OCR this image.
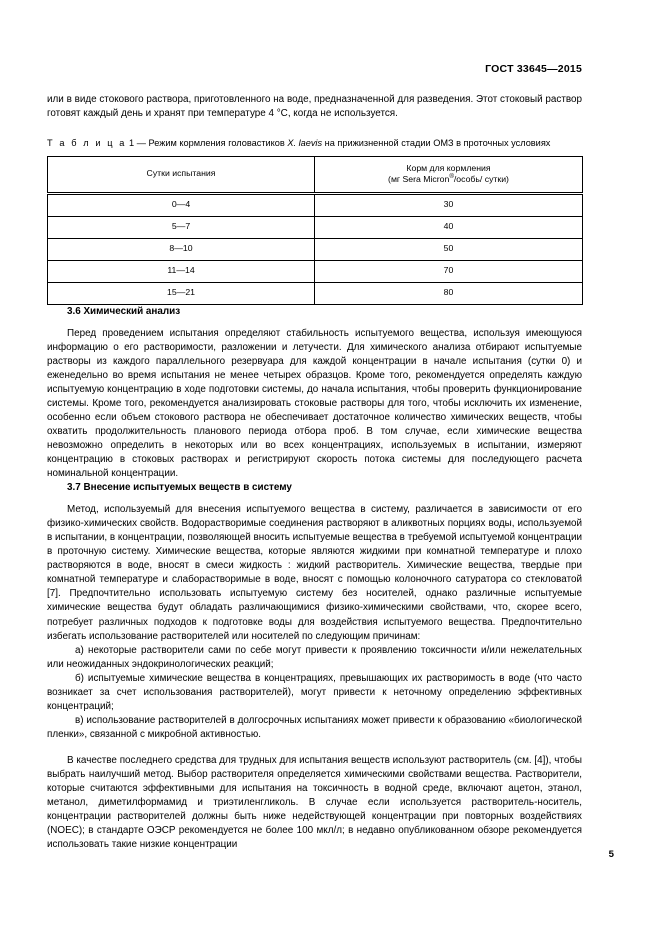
ГОСТ 33645—2015

или в виде стокового раствора, приготовленного на воде, предназначенной для разведения. Этот стоковый раствор готовят каждый день и хранят при температуре 4 °C, когда не используется.

Т а б л и ц а 1 — Режим кормления головастиков X. laevis на прижизненной стадии ОМЗ в проточных условиях
Сутки испытания	Корм для кормления
(мг Sera Micron®/особь/ сутки)

0—4	30
5—7	40
8—10	50
11—14	70
15—21	80
3.6 Химический анализ

Перед проведением испытания определяют стабильность испытуемого вещества, используя имеющуюся информацию о его растворимости, разложении и летучести. Для химического анализа отбирают испытуемые растворы из каждого параллельного резервуара для каждой концентрации в начале испытания (сутки 0) и еженедельно во время испытания не менее четырех образцов. Кроме того, рекомендуется определять каждую испытуемую концентрацию в ходе подготовки системы, до начала испытания, чтобы проверить функционирование системы. Кроме того, рекомендуется анализировать стоковые растворы для того, чтобы исключить их изменение, особенно если объем стокового раствора не обеспечивает достаточное количество химических веществ, чтобы охватить продолжительность планового периода отбора проб. В том случае, если химические вещества невозможно определить в некоторых или во всех концентрациях, используемых в испытании, измеряют концентрацию в стоковых растворах и регистрируют скорость потока системы для последующего расчета номинальной концентрации.

3.7 Внесение испытуемых веществ в систему

Метод, используемый для внесения испытуемого вещества в систему, различается в зависимости от его физико-химических свойств. Водорастворимые соединения растворяют в аликвотных порциях воды, используемой в испытании, в концентрации, позволяющей вносить испытуемые вещества в требуемой испытуемой концентрации в проточную систему. Химические вещества, которые являются жидкими при комнатной температуре и плохо растворяются в воде, вносят в смеси жидкость : жидкий растворитель. Химические вещества, твердые при комнатной температуре и слаборастворимые в воде, вносят с помощью колоночного сатуратора со стекловатой [7]. Предпочтительно использовать испытуемую систему без носителей, однако различные испытуемые химические вещества будут обладать различающимися физико-химическими свойствами, что, скорее всего, потребует различных подходов к подготовке воды для воздействия испытуемого вещества. Предпочтительно избегать использование растворителей или носителей по следующим причинам:

а) некоторые растворители сами по себе могут привести к проявлению токсичности и/или нежелательных или неожиданных эндокринологических реакций;

б) испытуемые химические вещества в концентрациях, превышающих их растворимость в воде (что часто возникает за счет использования растворителей), могут привести к неточному определению эффективных концентраций;

в) использование растворителей в долгосрочных испытаниях может привести к образованию «биологической пленки», связанной с микробной активностью.

В качестве последнего средства для трудных для испытания веществ используют растворитель (см. [4]), чтобы выбрать наилучший метод. Выбор растворителя определяется химическими свойствами вещества. Растворители, которые считаются эффективными для испытания на токсичность в водной среде, включают ацетон, этанол, метанол, диметилформамид и триэтиленгликоль. В случае если используется растворитель-носитель, концентрации растворителей должны быть ниже недействующей концентрации при повторных воздействиях (NOEC); в стандарте ОЭСР рекомендуется не более 100 мкл/л; в недавно опубликованном обзоре рекомендуется использовать такие низкие концентрации

5
